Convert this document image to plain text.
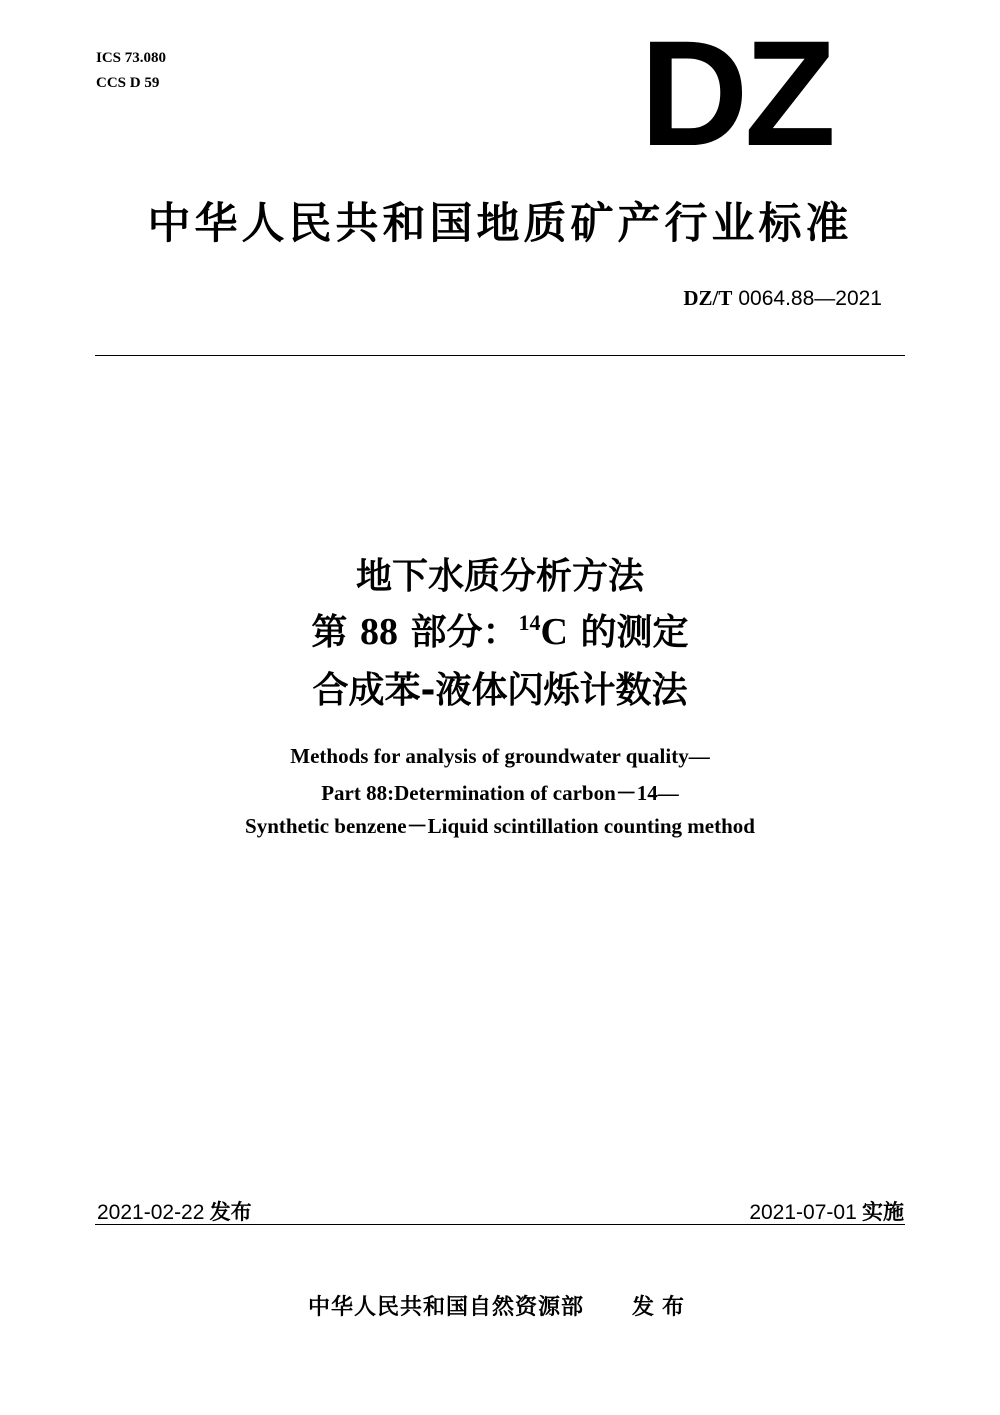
ICS 73.080
CCS D 59	DZ
中华人民共和国地质矿产行业标准
DZ/T 0064.88—2021
地下水质分析方法
第 88 部分：$^{14}$C 的测定
合成苯-液体闪烁计数法
Methods for analysis of groundwater quality—
Part 88:Determination of carbon－14—
Synthetic benzene－Liquid scintillation counting method
2021-02-22 发布	2021-07-01 实施
中华人民共和国自然资源部 发布
